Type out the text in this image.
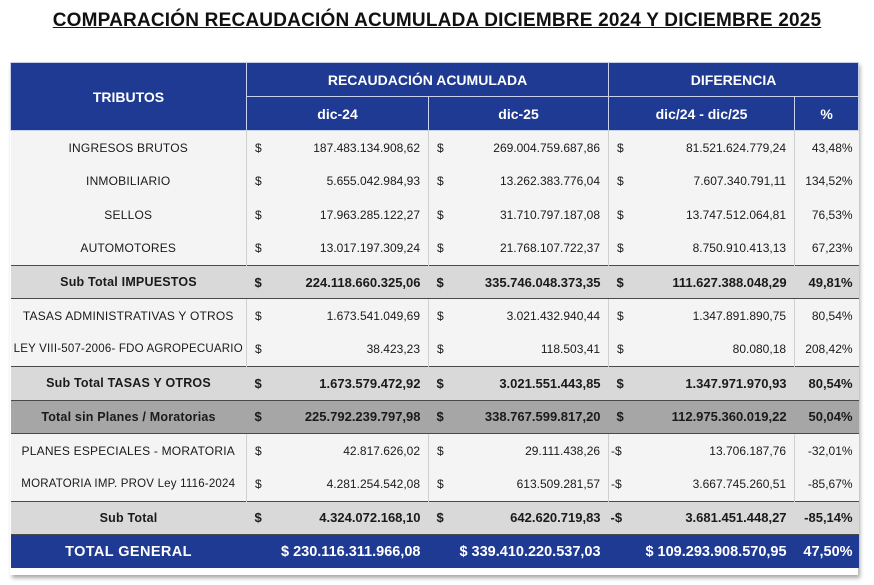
COMPARACIÓN RECAUDACIÓN ACUMULADA DICIEMBRE 2024 Y DICIEMBRE 2025
TRIBUTOS	RECAUDACIÓN ACUMULADA				DIFERENCIA		
	dic-24		dic-25		dic/24 - dic/25		%
INGRESOS BRUTOS	$	187.483.134.908,62	$	269.004.759.687,86	$	81.521.624.779,24	43,48%
INMOBILIARIO	$	5.655.042.984,93	$	13.262.383.776,04	$	7.607.340.791,11	134,52%
SELLOS	$	17.963.285.122,27	$	31.710.797.187,08	$	13.747.512.064,81	76,53%
AUTOMOTORES	$	13.017.197.309,24	$	21.768.107.722,37	$	8.750.910.413,13	67,23%
Sub Total IMPUESTOS	$	224.118.660.325,06	$	335.746.048.373,35	$	111.627.388.048,29	49,81%
TASAS ADMINISTRATIVAS Y OTROS	$	1.673.541.049,69	$	3.021.432.940,44	$	1.347.891.890,75	80,54%
LEY VIII-507-2006- FDO AGROPECUARIO	$	38.423,23	$	118.503,41	$	80.080,18	208,42%
Sub Total TASAS Y OTROS	$	1.673.579.472,92	$	3.021.551.443,85	$	1.347.971.970,93	80,54%
Total sin Planes / Moratorias	$	225.792.239.797,98	$	338.767.599.817,20	$	112.975.360.019,22	50,04%
PLANES ESPECIALES - MORATORIA	$	42.817.626,02	$	29.111.438,26	-$	13.706.187,76	-32,01%
MORATORIA IMP. PROV Ley 1116-2024	$	4.281.254.542,08	$	613.509.281,57	-$	3.667.745.260,51	-85,67%
Sub Total	$	4.324.072.168,10	$	642.620.719,83	-$	3.681.451.448,27	-85,14%
TOTAL GENERAL	$ 230.116.311.966,08		$ 339.410.220.537,03		$ 109.293.908.570,95		47,50%
